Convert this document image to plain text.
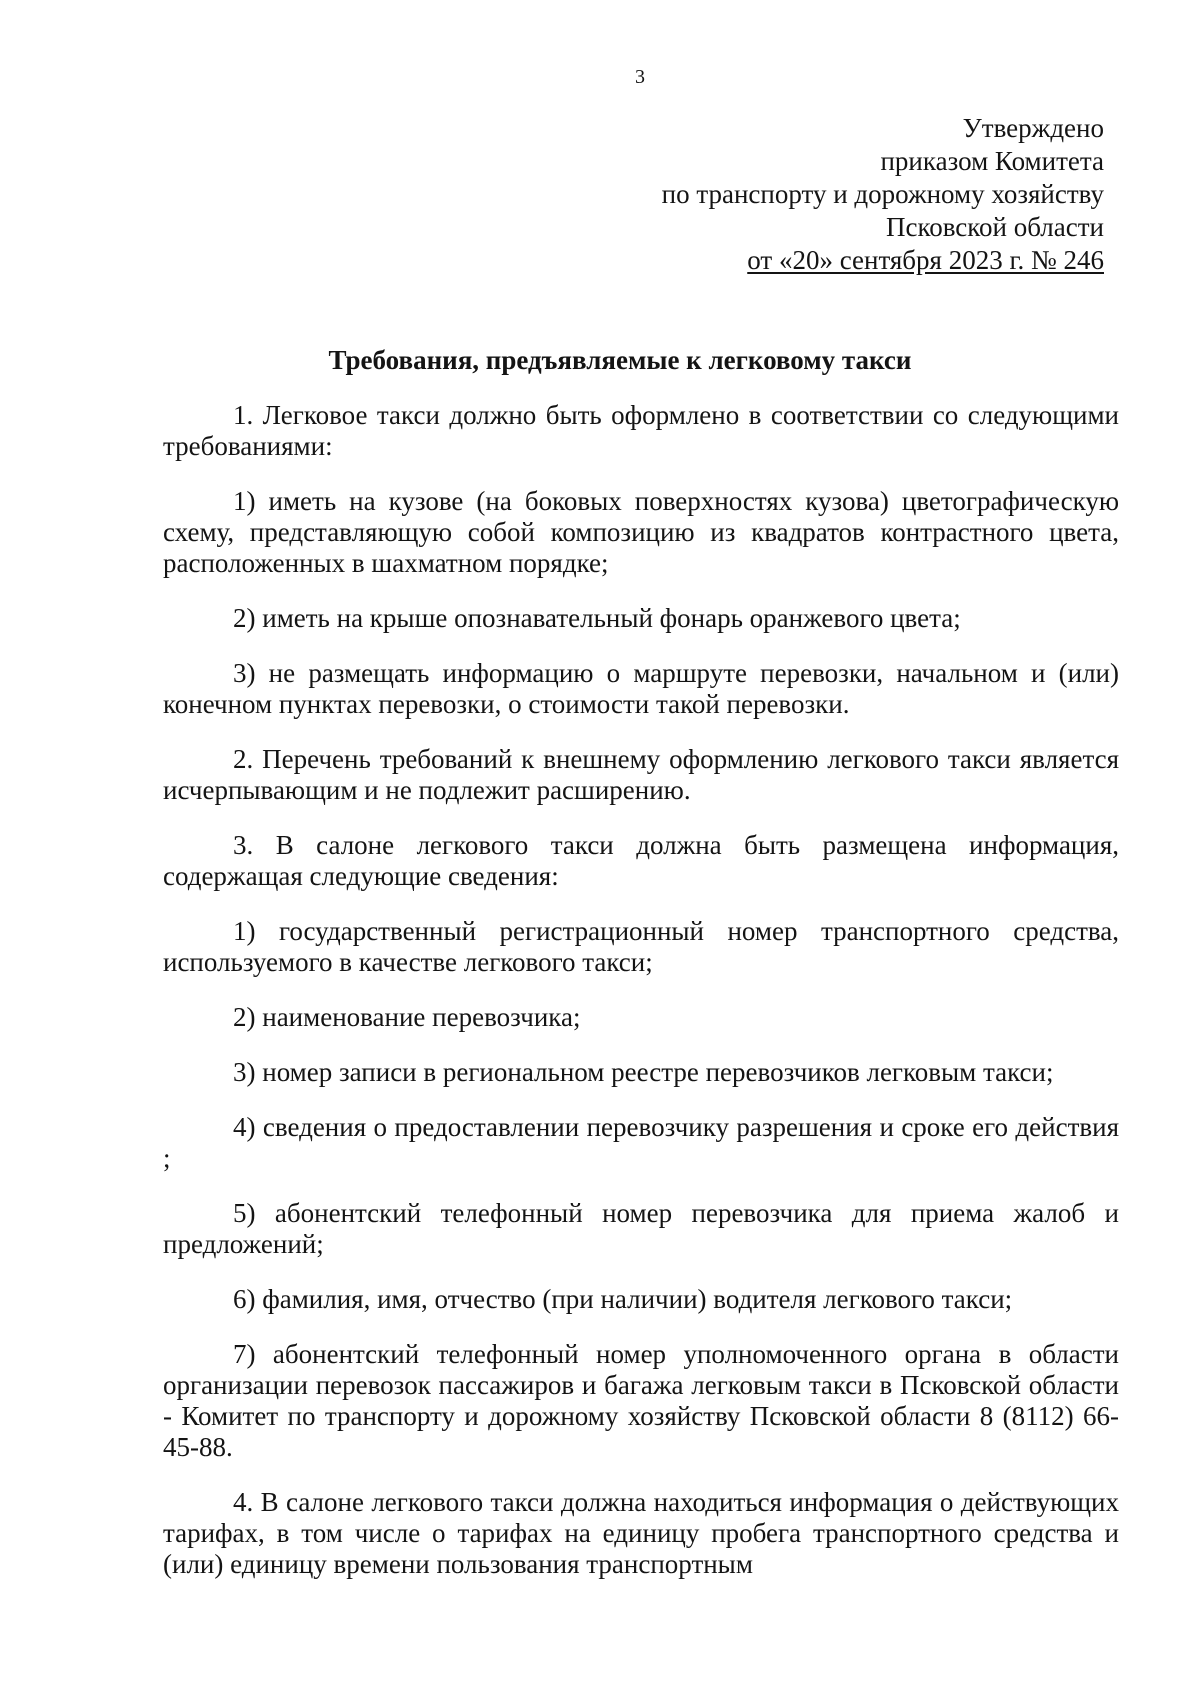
3
Утверждено
приказом Комитета
по транспорту и дорожному хозяйству
Псковской области
от «20» сентября 2023 г. № 246
Требования, предъявляемые к легковому такси

1. Легковое такси должно быть оформлено в соответствии со следующими требованиями:

1) иметь на кузове (на боковых поверхностях кузова) цветографическую схему, представляющую собой композицию из квадратов контрастного цвета, расположенных в шахматном порядке;

2) иметь на крыше опознавательный фонарь оранжевого цвета;

3) не размещать информацию о маршруте перевозки, начальном и (или) конечном пунктах перевозки, о стоимости такой перевозки.

2. Перечень требований к внешнему оформлению легкового такси является исчерпывающим и не подлежит расширению.

3. В салоне легкового такси должна быть размещена информация, содержащая следующие сведения:

1) государственный регистрационный номер транспортного средства, используемого в качестве легкового такси;

2) наименование перевозчика;

3) номер записи в региональном реестре перевозчиков легковым такси;

4) сведения о предоставлении перевозчику разрешения и сроке его действия ;

5) абонентский телефонный номер перевозчика для приема жалоб и предложений;

6) фамилия, имя, отчество (при наличии) водителя легкового такси;

7) абонентский телефонный номер уполномоченного органа в области организации перевозок пассажиров и багажа легковым такси в Псковской области - Комитет по транспорту и дорожному хозяйству Псковской области 8 (8112) 66-45-88.

4. В салоне легкового такси должна находиться информация о действующих тарифах, в том числе о тарифах на единицу пробега транспортного средства и (или) единицу времени пользования транспортным
